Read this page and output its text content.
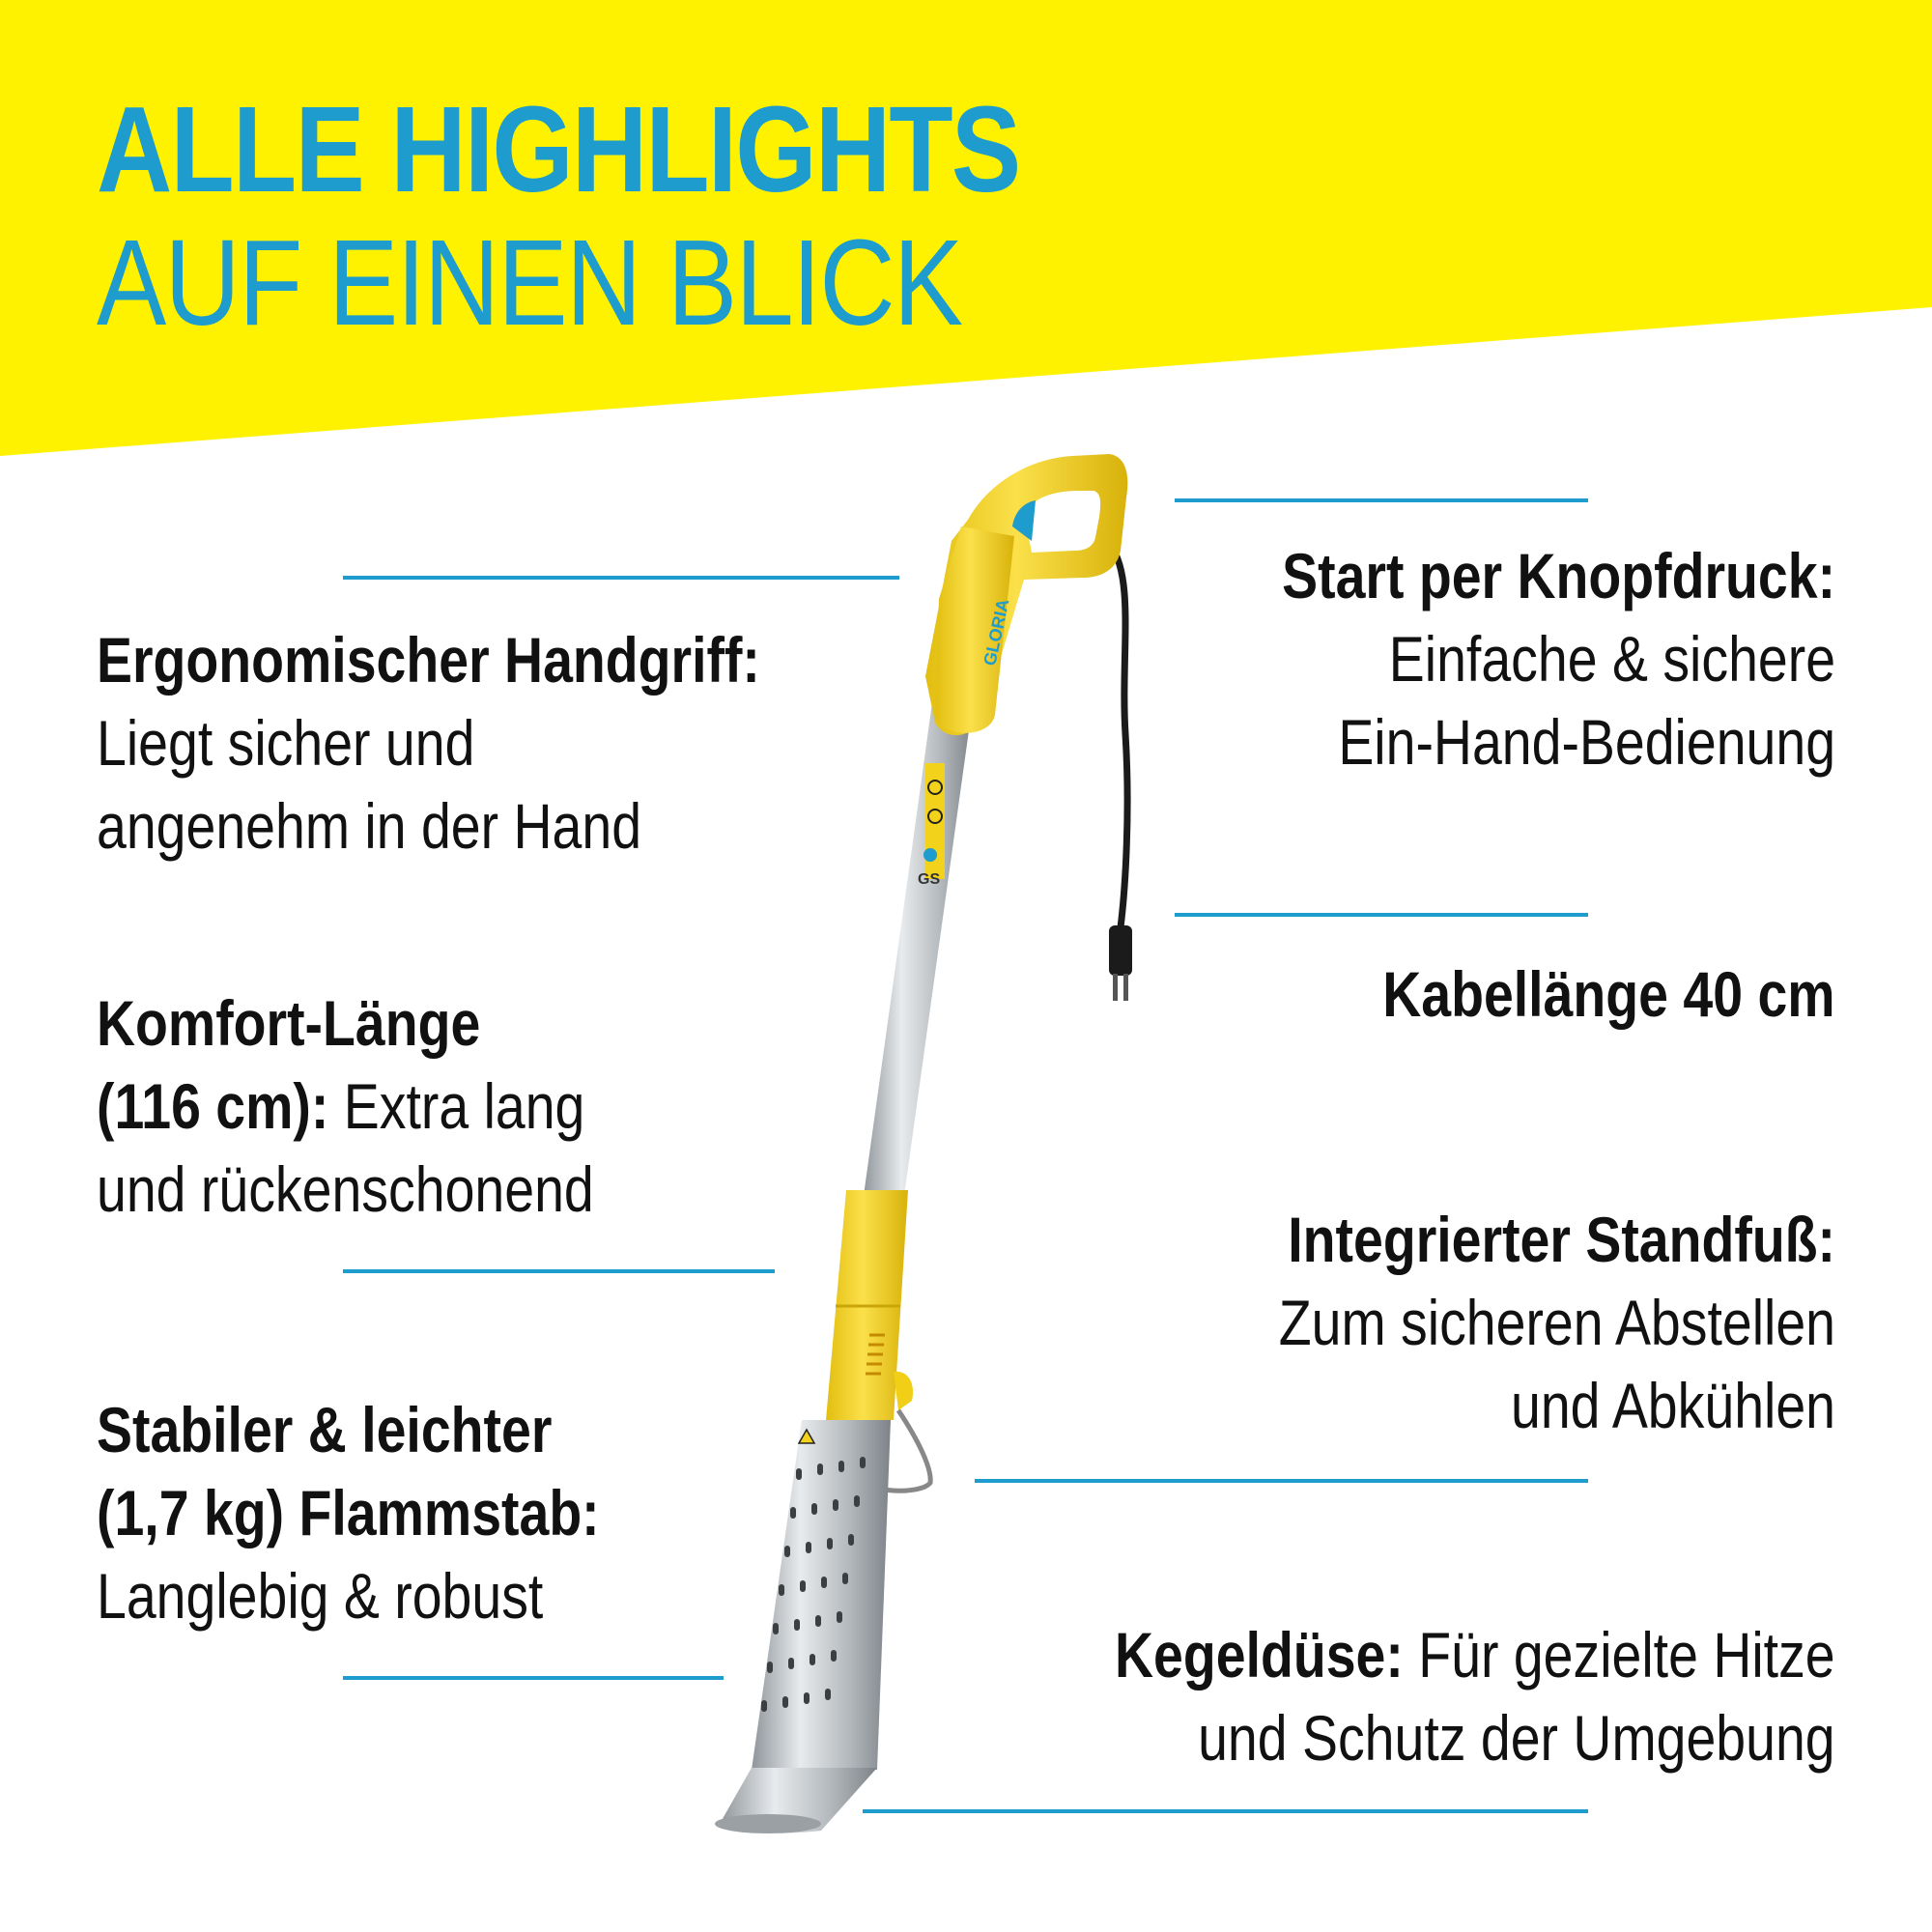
ALLE HIGHLIGHTS
AUF EINEN BLICK
GLORIA
GS
Ergonomischer Handgriff:
Liegt sicher und
angenehm in der Hand
Komfort-Länge
(116 cm): Extra lang
und rückenschonend
Stabiler & leichter
(1,7 kg) Flammstab:
Langlebig & robust
Start per Knopfdruck:
Einfache & sichere
Ein-Hand-Bedienung
Kabellänge 40 cm
Integrierter Standfuß:
Zum sicheren Abstellen
und Abkühlen
Kegeldüse: Für gezielte Hitze
und Schutz der Umgebung
